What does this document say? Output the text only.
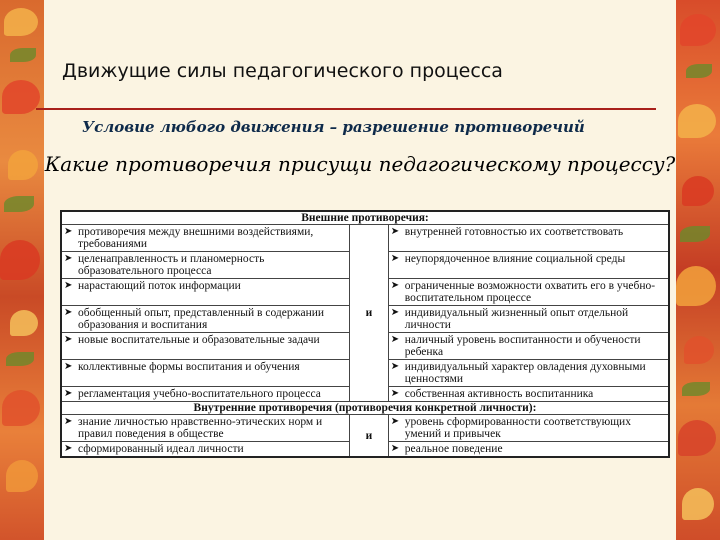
Движущие силы педагогического процесса
Условие любого движения – разрешение противоречий
Какие противоречия присущи педагогическому процессу?
Внешние противоречия:		

➤ противоречия между внешними воздействиями, требованиями	и	➤ внутренней готовностью их соответствовать

➤ целенаправленность и планомерность образовательного процесса		➤ неупорядоченное влияние социальной среды

➤ нарастающий поток информации		➤ ограниченные возможности охватить его в учебно-воспитательном процессе

➤ обобщенный опыт, представленный в содержании образования и воспитания		➤ индивидуальный жизненный опыт отдельной личности

➤ новые воспитательные и образовательные задачи		➤ наличный уровень воспитанности и обучености ребенка

➤ коллективные формы воспитания и обучения		➤ индивидуальный характер овладения духовными ценностями

➤ регламентация учебно-воспитательного процесса		➤ собственная активность воспитанника

Внутренние противоречия (противоречия конкретной личности):		

➤ знание личностью нравственно-этических норм и правил поведения в обществе	и	➤ уровень сформированности соответствующих умений и привычек

➤ сформированный идеал личности		➤ реальное поведение
